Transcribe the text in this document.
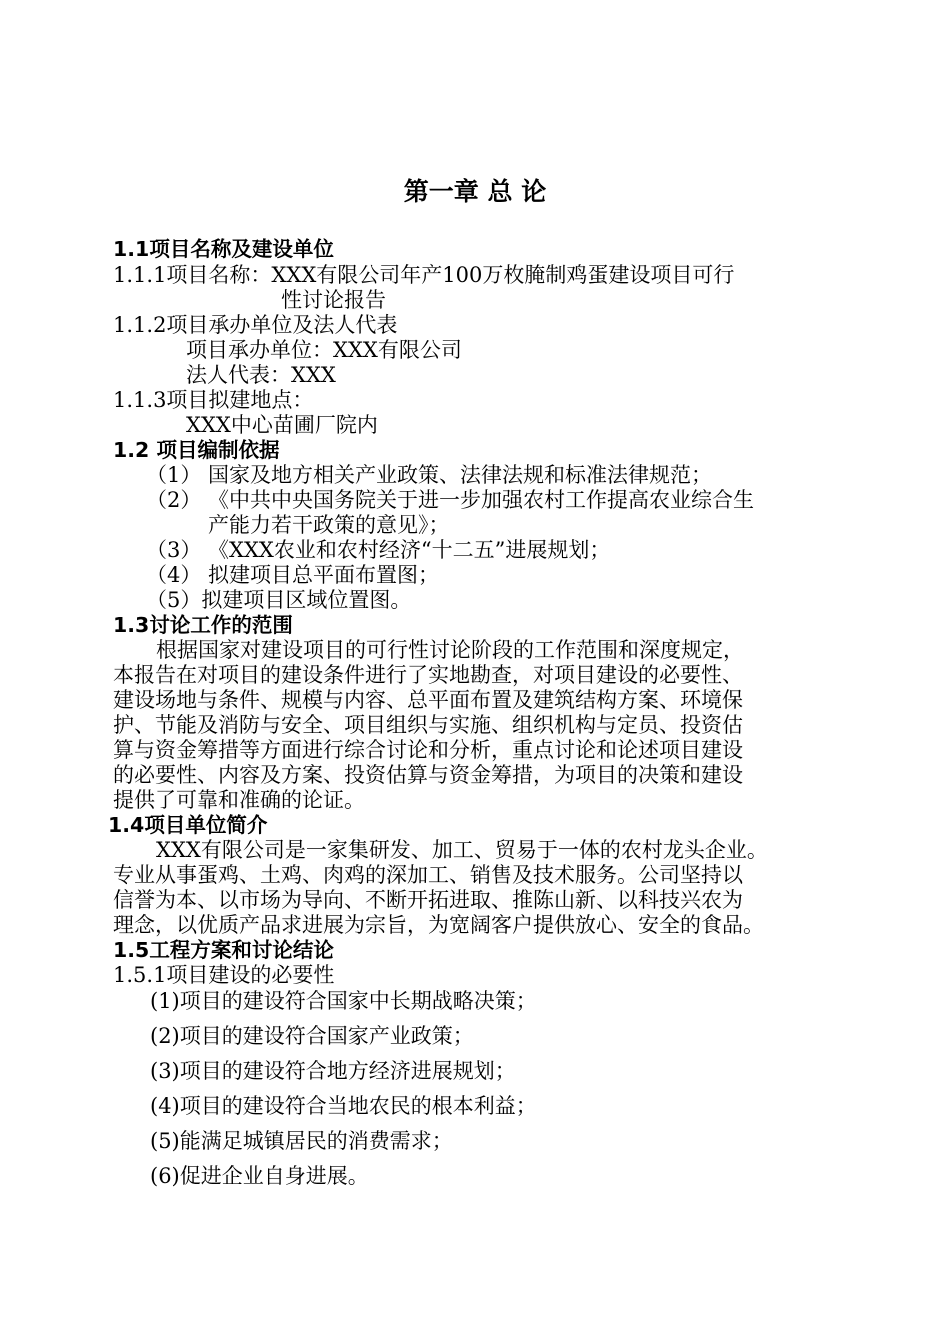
第一章 总 论
1.1项目名称及建设单位
1.1.1项目名称：XXX有限公司年产100万枚腌制鸡蛋建设项目可行
性讨论报告
1.1.2项目承办单位及法人代表
项目承办单位：XXX有限公司
法人代表：XXX
1.1.3项目拟建地点：
XXX中心苗圃厂院内
1.2 项目编制依据
（1） 国家及地方相关产业政策、法律法规和标准法律规范；
（2） 《中共中央国务院关于进一步加强农村工作提高农业综合生
产能力若干政策的意见》；
（3） 《XXX农业和农村经济“十二五”进展规划；
（4） 拟建项目总平面布置图；
（5）拟建项目区域位置图。
1.3讨论工作的范围
根据国家对建设项目的可行性讨论阶段的工作范围和深度规定，
本报告在对项目的建设条件进行了实地勘查，对项目建设的必要性、
建设场地与条件、规模与内容、总平面布置及建筑结构方案、环境保
护、节能及消防与安全、项目组织与实施、组织机构与定员、投资估
算与资金筹措等方面进行综合讨论和分析，重点讨论和论述项目建设
的必要性、内容及方案、投资估算与资金筹措，为项目的决策和建设
提供了可靠和准确的论证。
1.4项目单位简介
XXX有限公司是一家集研发、加工、贸易于一体的农村龙头企业。
专业从事蛋鸡、土鸡、肉鸡的深加工、销售及技术服务。公司坚持以
信誉为本、以市场为导向、不断开拓进取、推陈山新、以科技兴农为
理念，以优质产品求进展为宗旨，为宽阔客户提供放心、安全的食品。
1.5工程方案和讨论结论
1.5.1项目建设的必要性
(1)项目的建设符合国家中长期战略决策；
(2)项目的建设符合国家产业政策；
(3)项目的建设符合地方经济进展规划；
(4)项目的建设符合当地农民的根本利益；
(5)能满足城镇居民的消费需求；
(6)促进企业自身进展。
